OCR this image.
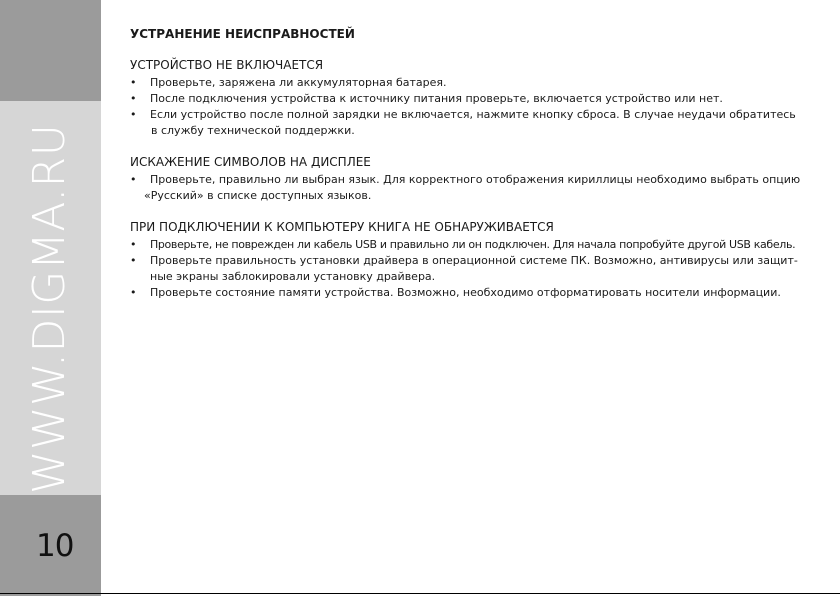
WWW.DIGMA.RU
10
УСТРАНЕНИЕ НЕИСПРАВНОСТЕЙ
УСТРОЙСТВО НЕ ВКЛЮЧАЕТСЯ
• Проверьте, заряжена ли аккумуляторная батарея.
• После подключения устройства к источнику питания проверьте, включается устройство или нет.
• Если устройство после полной зарядки не включается, нажмите кнопку сброса. В случае неудачи обратитесь
в службу технической поддержки.
ИСКАЖЕНИЕ СИМВОЛОВ НА ДИСПЛЕЕ
• Проверьте, правильно ли выбран язык. Для корректного отображения кириллицы необходимо выбрать опцию
«Русский» в списке доступных языков.
ПРИ ПОДКЛЮЧЕНИИ К КОМПЬЮТЕРУ КНИГА НЕ ОБНАРУЖИВАЕТСЯ
• Проверьте, не поврежден ли кабель USB и правильно ли он подключен. Для начала попробуйте другой USB кабель.
• Проверьте правильность установки драйвера в операционной системе ПК. Возможно, антивирусы или защит-
ные экраны заблокировали установку драйвера.
• Проверьте состояние памяти устройства. Возможно, необходимо отформатировать носители информации.
